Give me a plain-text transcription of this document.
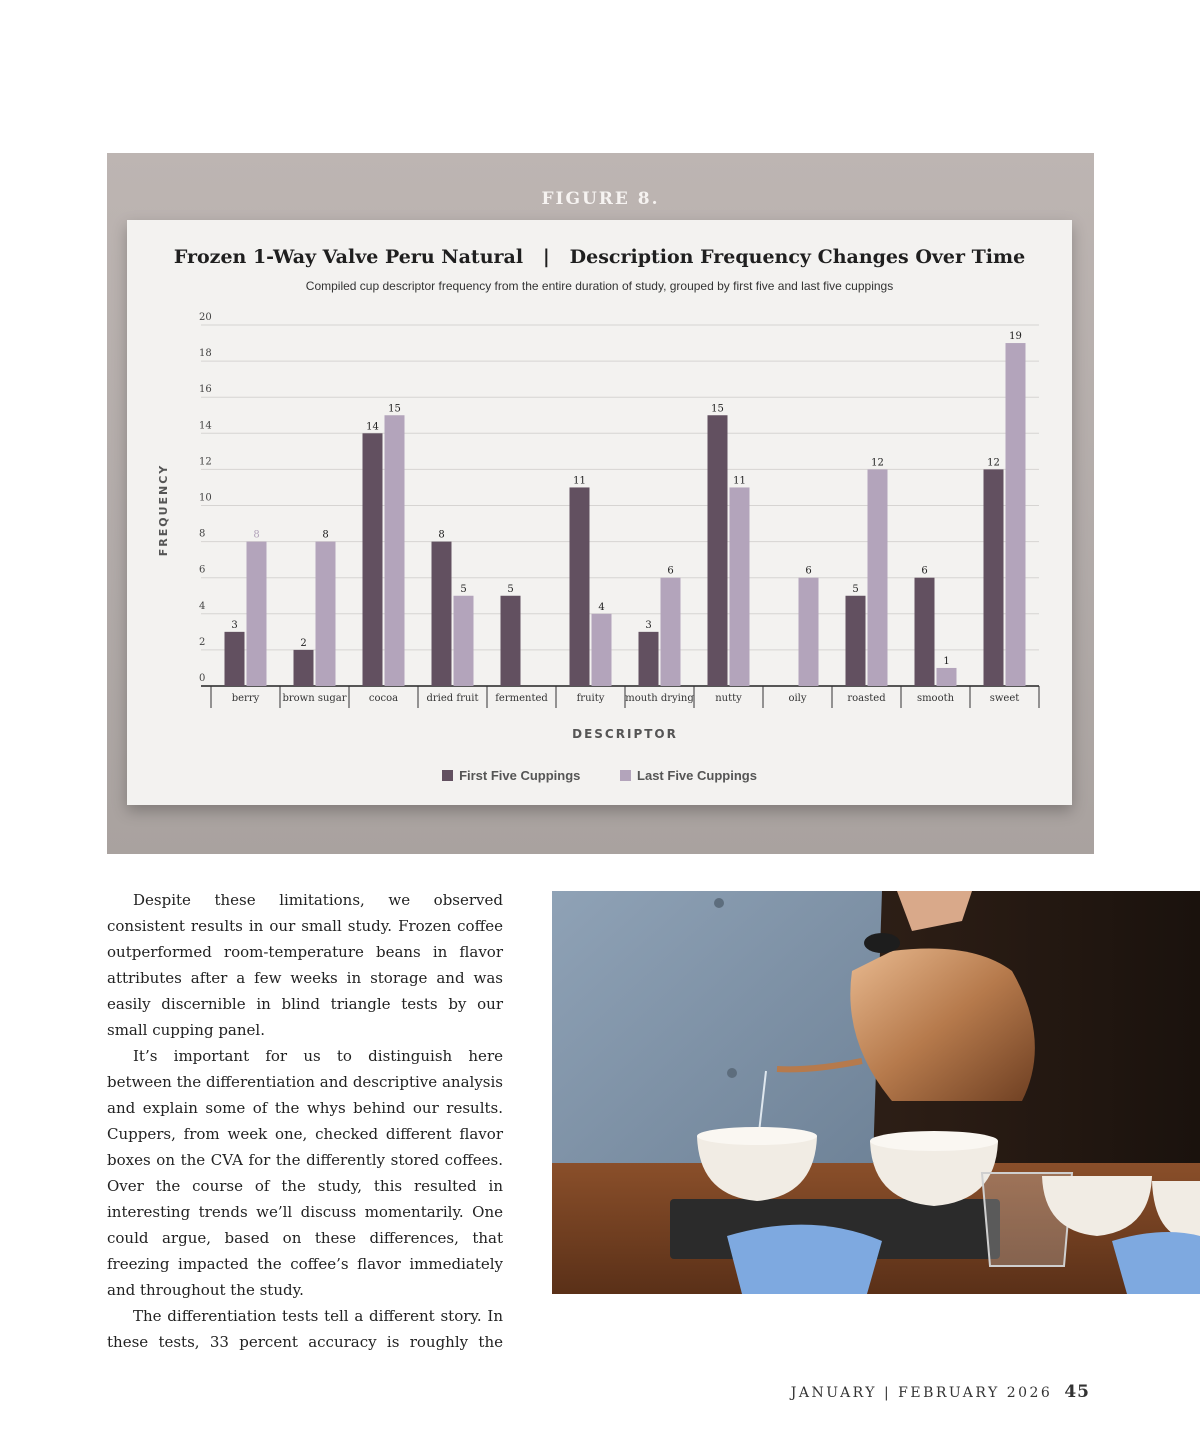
FIGURE 8.
Frozen 1-Way Valve Peru Natural   |   Description Frequency Changes Over Time
Compiled cup descriptor frequency from the entire duration of study, grouped by first five and last five cuppings
0
2
4
6
8
10
12
14
16
18
20
FREQUENCY
berry
3
8
brown sugar
2
8
cocoa
14
15
dried fruit
8
5
fermented
5
fruity
11
4
mouth drying
3
6
nutty
15
11
oily
6
roasted
5
12
smooth
6
1
sweet
12
19
DESCRIPTOR
First Five Cuppings	Last Five Cuppings

Despite these limitations, we observed consistent results in our small study. Frozen coffee outperformed room-temperature beans in flavor attributes after a few weeks in storage and was easily discernible in blind triangle tests by our small cupping panel.

It’s important for us to distinguish here between the differentiation and descriptive analysis and explain some of the whys behind our results. Cuppers, from week one, checked different flavor boxes on the CVA for the differently stored coffees. Over the course of the study, this resulted in interesting trends we’ll discuss momentarily. One could argue, based on these differences, that freezing impacted the coffee’s flavor immediately and throughout the study.

The differentiation tests tell a different story. In these tests, 33 percent accuracy is roughly the

JANUARY | FEBRUARY 2026 45
